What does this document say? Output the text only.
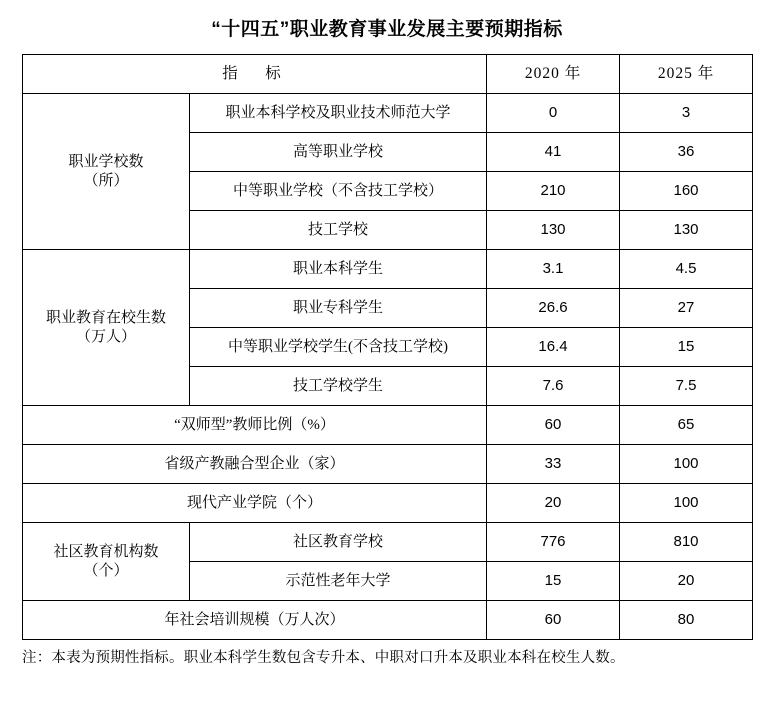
“十四五”职业教育事业发展主要预期指标
指　标		2020 年	2025 年
职业学校数
（所）	职业本科学校及职业技术师范大学	0	3
	高等职业学校	41	36
	中等职业学校（不含技工学校）	210	160
	技工学校	130	130
职业教育在校生数
（万人）	职业本科学生	3.1	4.5
	职业专科学生	26.6	27
	中等职业学校学生(不含技工学校)	16.4	15
	技工学校学生	7.6	7.5
“双师型”教师比例（%）		60	65
省级产教融合型企业（家）		33	100
现代产业学院（个）		20	100
社区教育机构数
（个）	社区教育学校	776	810
	示范性老年大学	15	20
年社会培训规模（万人次）		60	80
注：本表为预期性指标。职业本科学生数包含专升本、中职对口升本及职业本科在校生人数。
